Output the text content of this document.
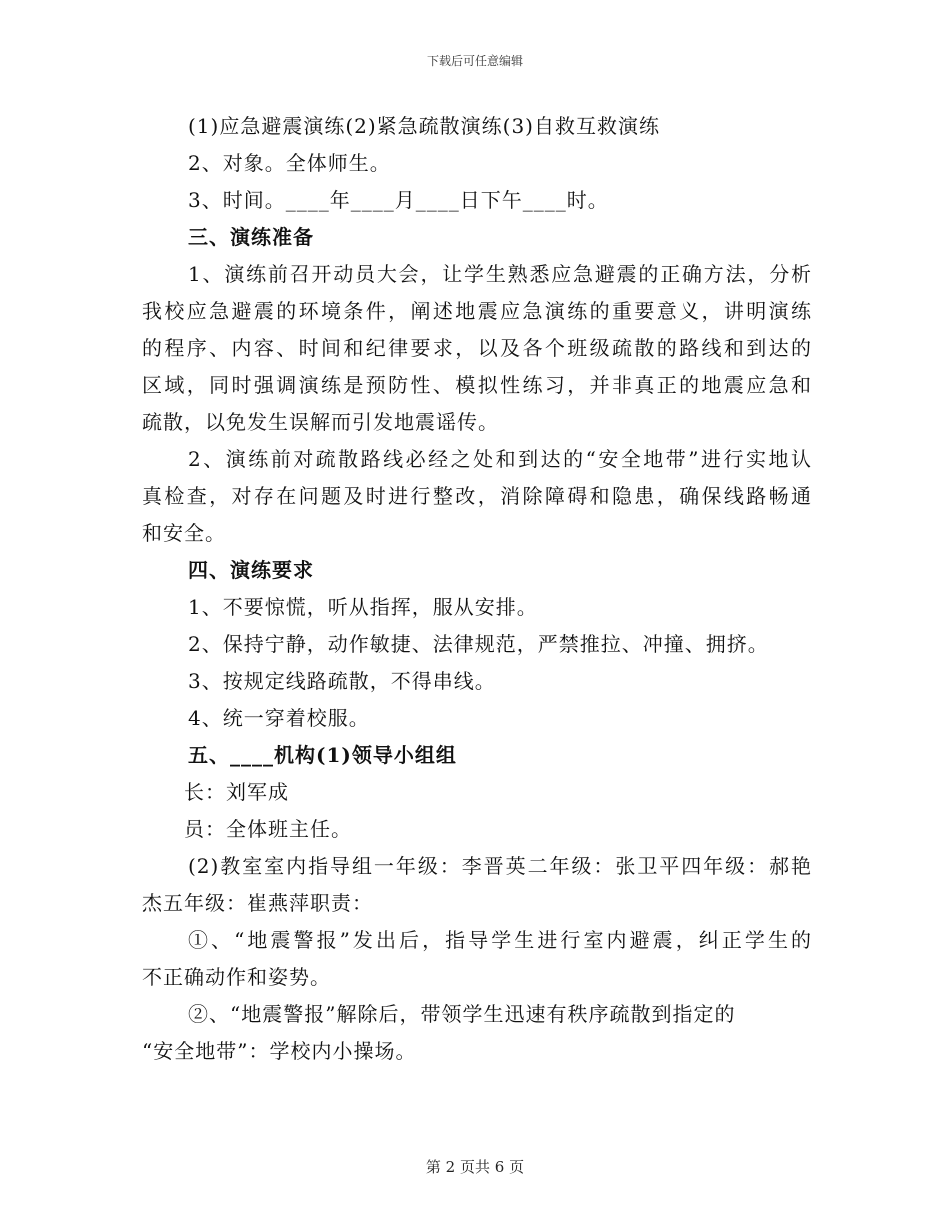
下载后可任意编辑
(1)应急避震演练(2)紧急疏散演练(3)自救互救演练
2、对象。全体师生。
3、时间。____年____月____日下午____时。
三、演练准备
1、演练前召开动员大会，让学生熟悉应急避震的正确方法，分析
我校应急避震的环境条件，阐述地震应急演练的重要意义，讲明演练
的程序、内容、时间和纪律要求，以及各个班级疏散的路线和到达的
区域，同时强调演练是预防性、模拟性练习，并非真正的地震应急和
疏散，以免发生误解而引发地震谣传。
2、演练前对疏散路线必经之处和到达的“安全地带”进行实地认
真检查，对存在问题及时进行整改，消除障碍和隐患，确保线路畅通
和安全。
四、演练要求
1、不要惊慌，听从指挥，服从安排。
2、保持宁静，动作敏捷、法律规范，严禁推拉、冲撞、拥挤。
3、按规定线路疏散，不得串线。
4、统一穿着校服。
五、____机构(1)领导小组组
长：刘军成
员：全体班主任。
(2)教室室内指导组一年级：李晋英二年级：张卫平四年级：郝艳
杰五年级：崔燕萍职责：
①、“地震警报”发出后，指导学生进行室内避震，纠正学生的
不正确动作和姿势。
②、“地震警报”解除后，带领学生迅速有秩序疏散到指定的
“安全地带”：学校内小操场。
第 2 页共 6 页
